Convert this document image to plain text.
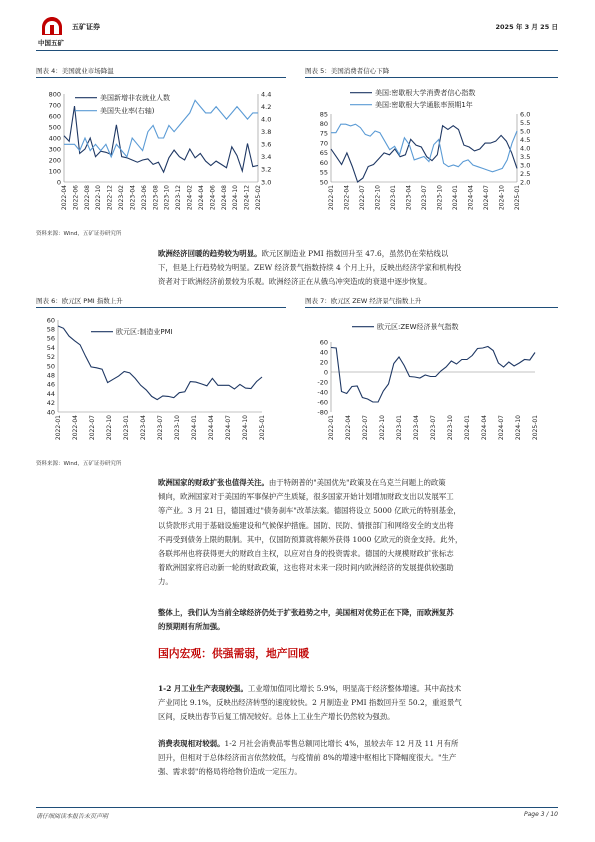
五矿证券
中国五矿
2025 年 3 月 25 日
图表 4：美国就业市场降温	图表 5：美国消费者信心下降
800
700
600
500
400
300
200
100
0
4.4
4.2
4.0
3.8
3.6
3.4
3.2
3.0
2022-04 2022-06 2022-08 2022-10 2022-12 2023-02 2023-04 2023-06 2023-08 2023-10 2023-12 2024-02 2024-04 2024-06 2024-08 2024-10 2024-12 2025-02
美国新增非农就业人数
美国失业率(右轴)	85
80
75
70
65
60
55
50
6.0
5.5
5.0
4.5
4.0
3.5
3.0
2.5
2.0
2022-01 2022-04 2022-07 2022-10 2023-01 2023-04 2023-07 2023-10 2024-01 2024-04 2024-07 2024-10 2025-01
美国:密歇根大学消费者信心指数
美国:密歇根大学通胀率预期1年
资料来源：Wind，五矿证券研究所
欧洲经济回暖的趋势较为明显。欧元区制造业 PMI 指数回升至 47.6，虽然仍在荣枯线以
下，但是上行趋势较为明显。ZEW 经济景气指数持续 4 个月上升，反映出经济学家和机构投
资者对于欧洲经济前景较为乐观。欧洲经济正在从俄乌冲突造成的衰退中逐步恢复。
图表 6：欧元区 PMI 指数上升	图表 7：欧元区 ZEW 经济景气指数上升
60
58
56
54
52
50
48
46
44
42
40
2022-01 2022-04 2022-07 2022-10 2023-01 2023-04 2023-07 2023-10 2024-01 2024-04 2024-07 2024-10 2025-01
欧元区:制造业PMI
60
40
20
0
-20
-40
-60
-80
2022-01 2022-04 2022-07 2022-10 2023-01 2023-04 2023-07 2023-10 2024-01 2024-04 2024-07 2024-10 2025-01
欧元区:ZEW经济景气指数
资料来源：Wind，五矿证券研究所
欧洲国家的财政扩张也值得关注。由于特朗普的"美国优先"政策及在乌克兰问题上的政策
倾向，欧洲国家对于美国的军事保护产生质疑，很多国家开始计划增加财政支出以发展军工
等产业。3 月 21 日，德国通过"债务刹车"改革法案。德国将设立 5000 亿欧元的特别基金，
以贷款形式用于基础设施建设和气候保护措施。国防、民防、情报部门和网络安全的支出将
不再受到债务上限的限制。其中，仅国防预算就将额外获得 1000 亿欧元的资金支持。此外，
各联邦州也将获得更大的财政自主权，以应对自身的投资需求。德国的大规模财政扩张标志
着欧洲国家将启动新一轮的财政政策，这也将对未来一段时间内欧洲经济的发展提供较强助
力。
整体上，我们认为当前全球经济仍处于扩张趋势之中，美国相对优势正在下降，而欧洲复苏
的预期则有所加强。
国内宏观：供强需弱，地产回暖
1-2 月工业生产表现较强。工业增加值同比增长 5.9%，明显高于经济整体增速。其中高技术
产业同比 9.1%，反映出经济转型的速度较快。2 月制造业 PMI 指数回升至 50.2，重返景气
区间，反映出春节后复工情况较好。总体上工业生产增长仍然较为强劲。
消费表现相对较弱。1-2 月社会消费品零售总额同比增长 4%，虽较去年 12 月及 11 月有所
回升，但相对于总体经济而言依然较低，与疫情前 8%的增速中枢相比下降幅度很大。"生产
强、需求弱"的格局将给物价造成一定压力。
请仔细阅读本报告末页声明	Page 3 / 10
